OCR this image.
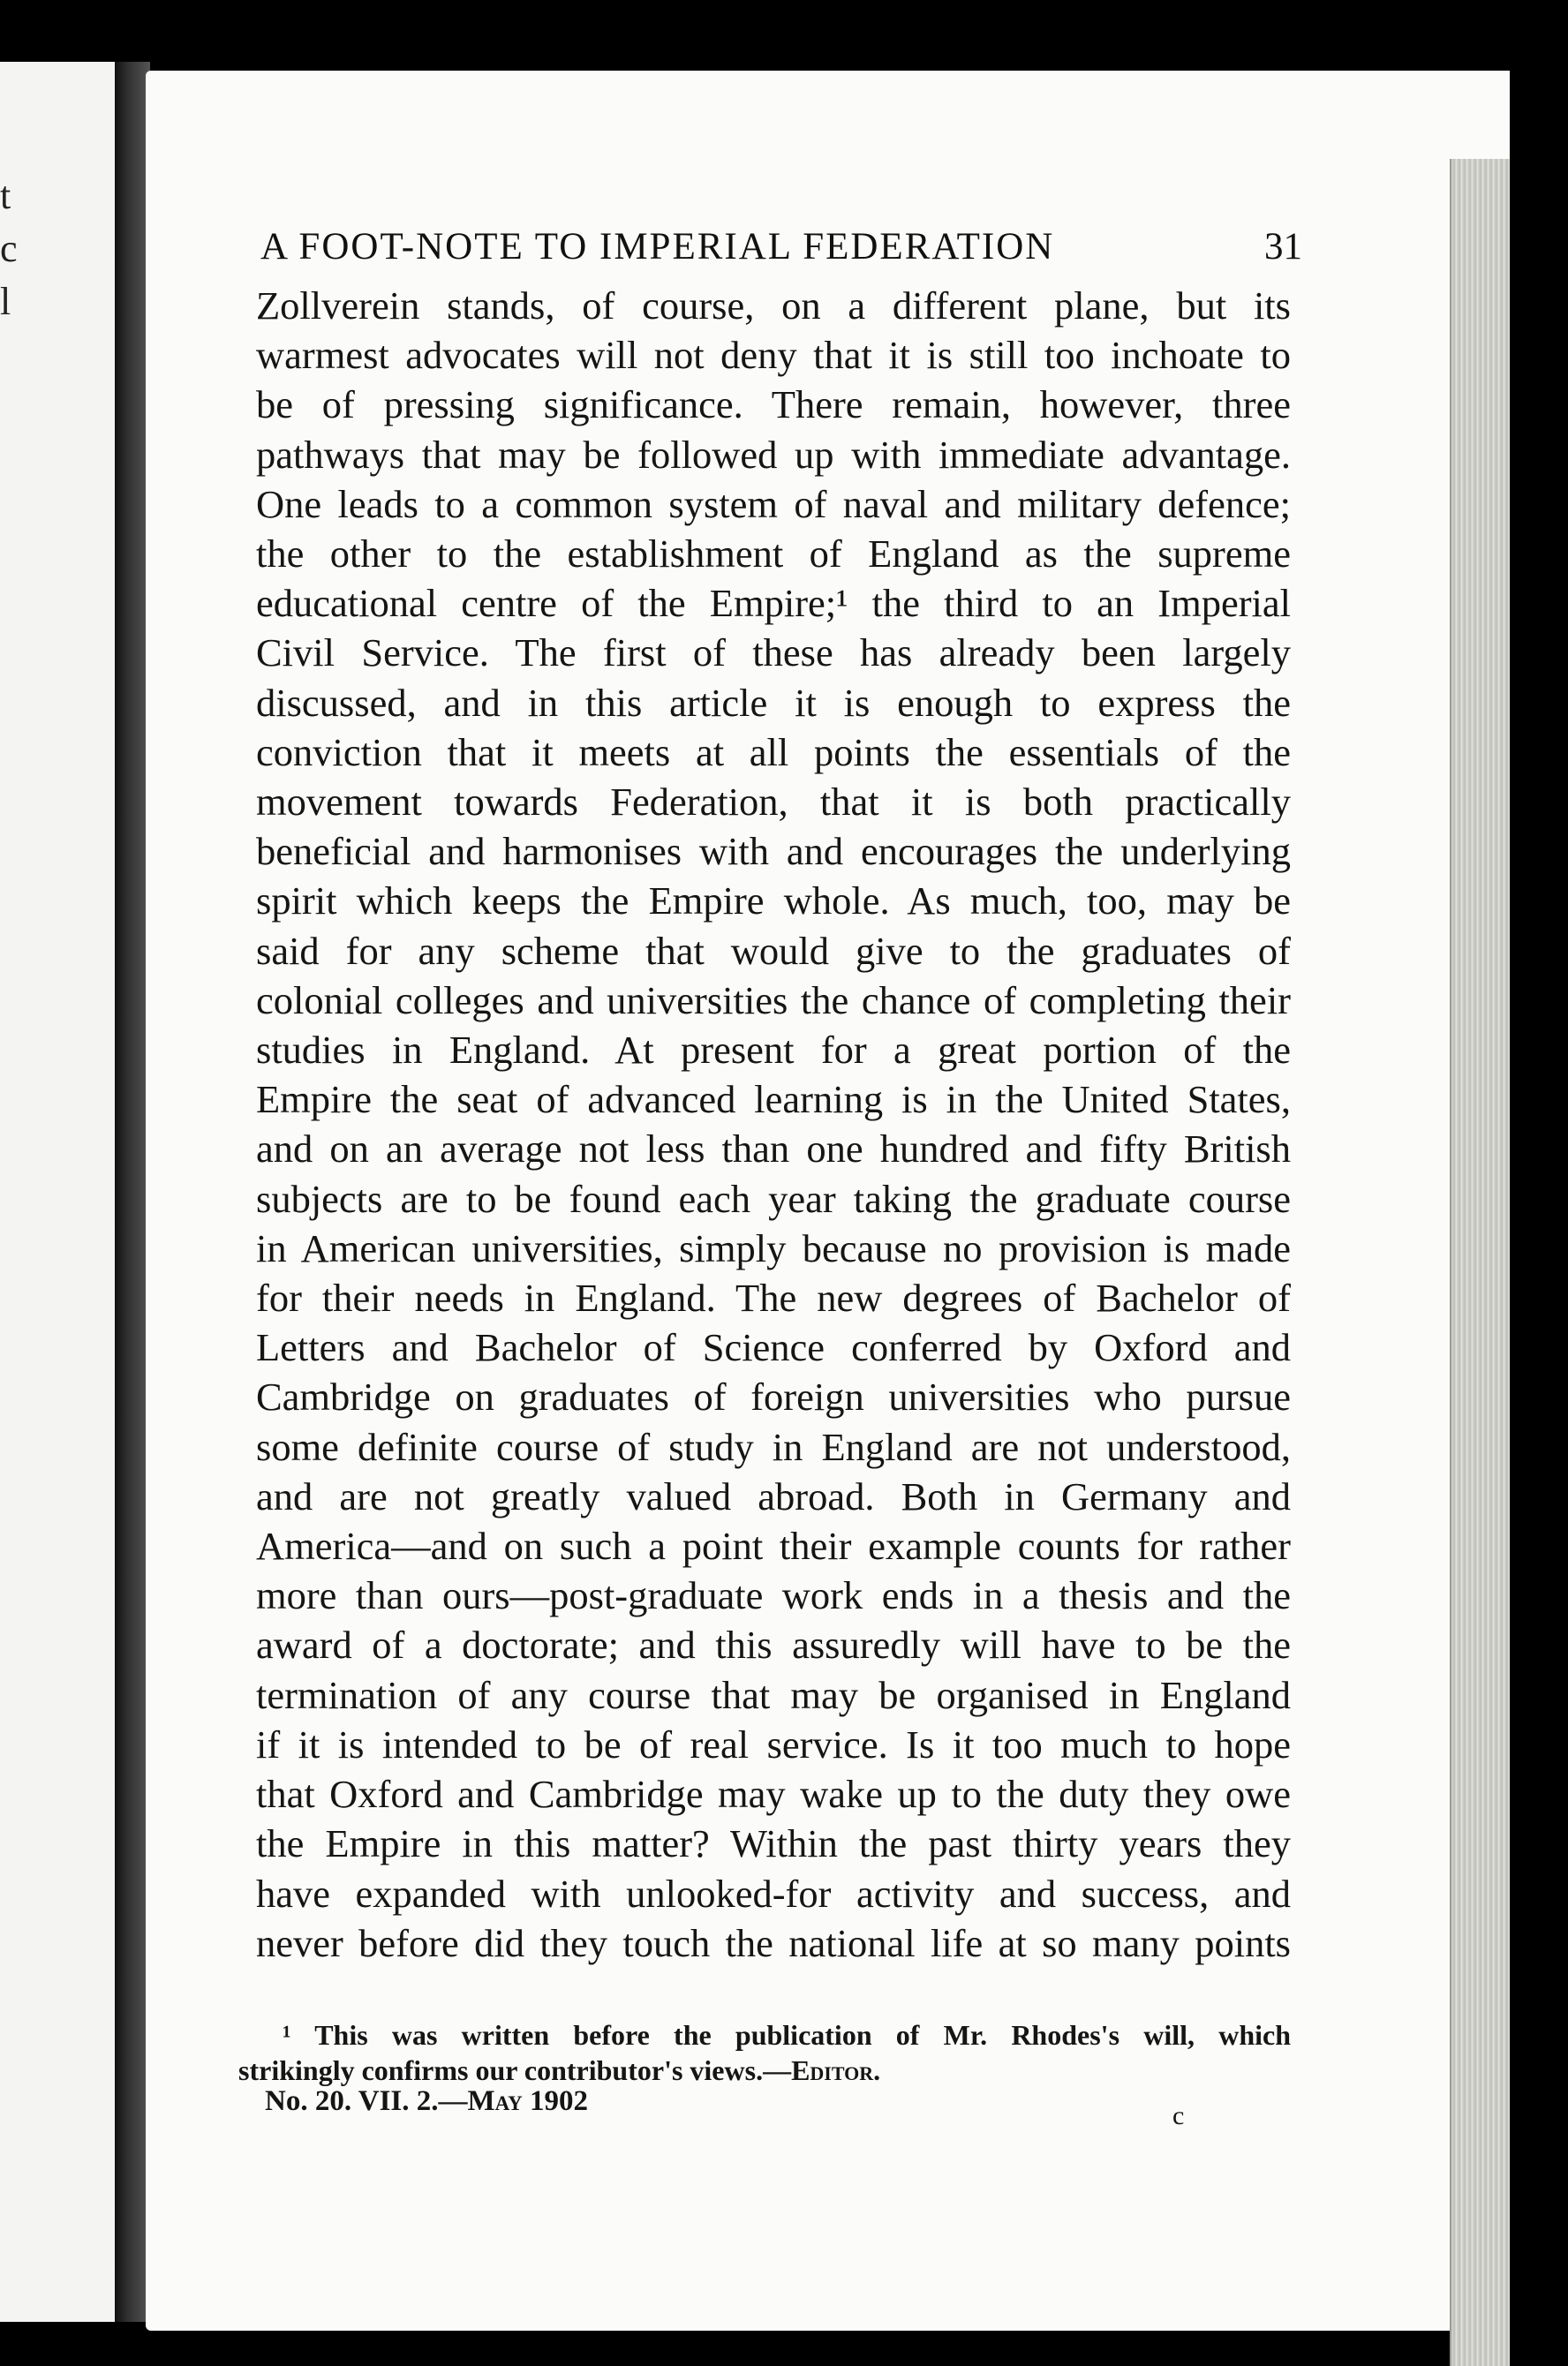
t
c
l
A FOOT-NOTE TO IMPERIAL FEDERATION	31
Zollverein stands, of course, on a different plane, but its
warmest advocates will not deny that it is still too inchoate to
be of pressing significance. There remain, however, three
pathways that may be followed up with immediate advantage.
One leads to a common system of naval and military defence;
the other to the establishment of England as the supreme
educational centre of the Empire;¹ the third to an Imperial
Civil Service. The first of these has already been largely
discussed, and in this article it is enough to express the
conviction that it meets at all points the essentials of the
movement towards Federation, that it is both practically
beneficial and harmonises with and encourages the underlying
spirit which keeps the Empire whole. As much, too, may be
said for any scheme that would give to the graduates of
colonial colleges and universities the chance of completing their
studies in England. At present for a great portion of the
Empire the seat of advanced learning is in the United States,
and on an average not less than one hundred and fifty British
subjects are to be found each year taking the graduate course
in American universities, simply because no provision is made
for their needs in England. The new degrees of Bachelor of
Letters and Bachelor of Science conferred by Oxford and
Cambridge on graduates of foreign universities who pursue
some definite course of study in England are not understood,
and are not greatly valued abroad. Both in Germany and
America—and on such a point their example counts for rather
more than ours—post-graduate work ends in a thesis and the
award of a doctorate; and this assuredly will have to be the
termination of any course that may be organised in England
if it is intended to be of real service. Is it too much to hope
that Oxford and Cambridge may wake up to the duty they owe
the Empire in this matter? Within the past thirty years they
have expanded with unlooked-for activity and success, and
never before did they touch the national life at so many points
¹ This was written before the publication of Mr. Rhodes's will, which
strikingly confirms our contributor's views.—Editor.
No. 20. VII. 2.—May 1902	c
